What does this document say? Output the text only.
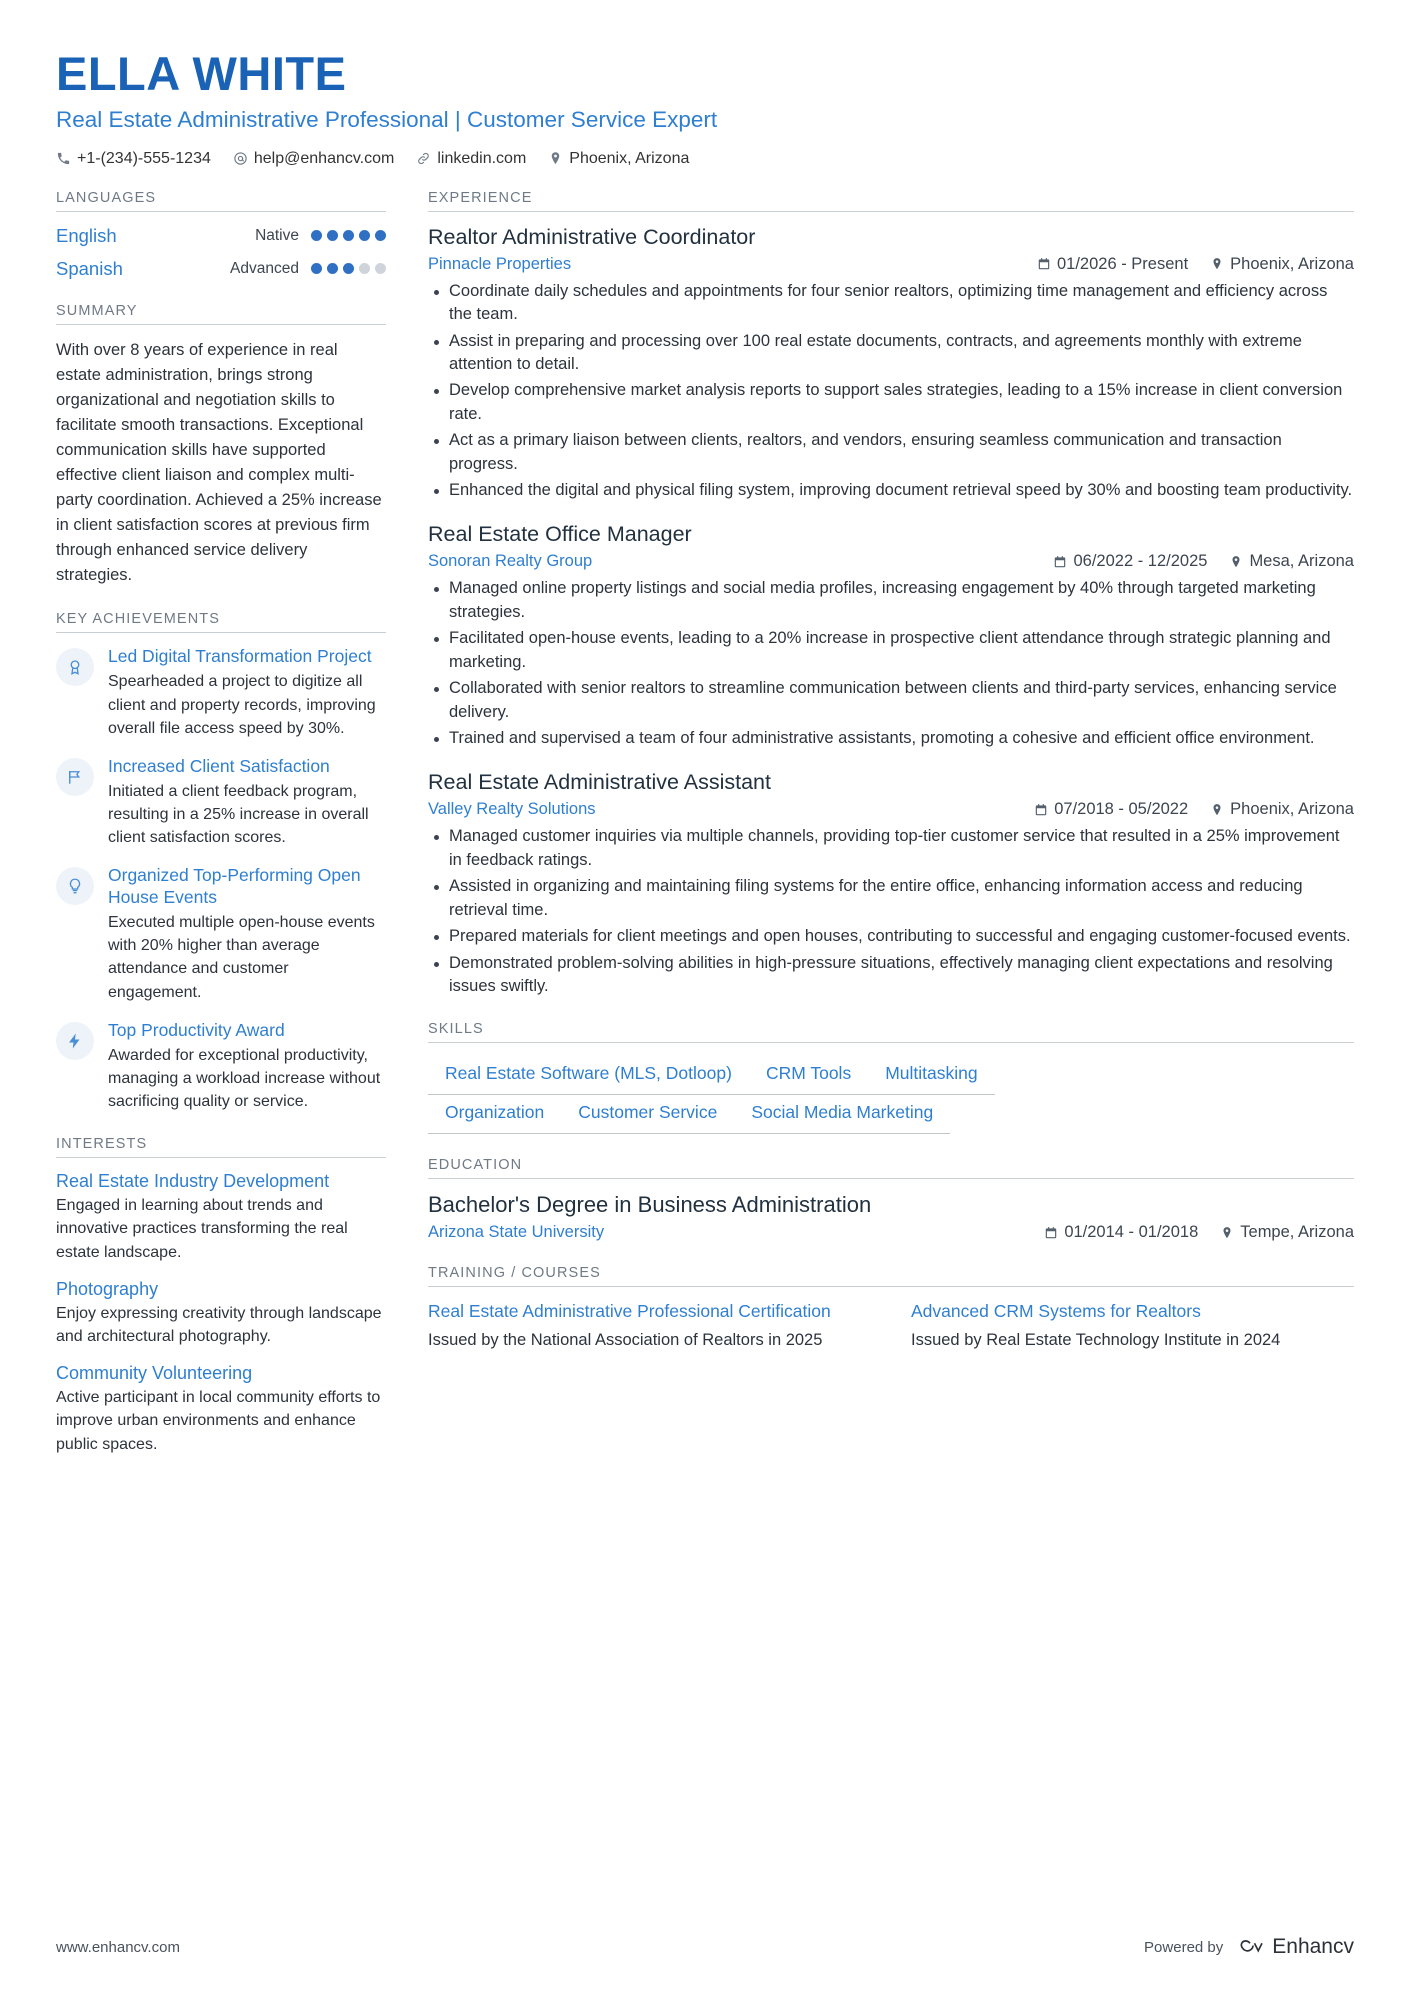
ELLA WHITE
Real Estate Administrative Professional | Customer Service Expert
+1-(234)-555-1234	help@enhancv.com	linkedin.com	Phoenix, Arizona
LANGUAGES
English	Native
Spanish	Advanced
SUMMARY
With over 8 years of experience in real estate administration, brings strong organizational and negotiation skills to facilitate smooth transactions. Exceptional communication skills have supported effective client liaison and complex multi-party coordination. Achieved a 25% increase in client satisfaction scores at previous firm through enhanced service delivery strategies.
KEY ACHIEVEMENTS
Led Digital Transformation Project
Spearheaded a project to digitize all client and property records, improving overall file access speed by 30%.
Increased Client Satisfaction
Initiated a client feedback program, resulting in a 25% increase in overall client satisfaction scores.
Organized Top-Performing Open House Events
Executed multiple open-house events with 20% higher than average attendance and customer engagement.
Top Productivity Award
Awarded for exceptional productivity, managing a workload increase without sacrificing quality or service.
INTERESTS
Real Estate Industry Development
Engaged in learning about trends and innovative practices transforming the real estate landscape.
Photography
Enjoy expressing creativity through landscape and architectural photography.
Community Volunteering
Active participant in local community efforts to improve urban environments and enhance public spaces.
EXPERIENCE
Realtor Administrative Coordinator
Pinnacle Properties	01/2026 - Present	Phoenix, Arizona
Coordinate daily schedules and appointments for four senior realtors, optimizing time management and efficiency across the team.
Assist in preparing and processing over 100 real estate documents, contracts, and agreements monthly with extreme attention to detail.
Develop comprehensive market analysis reports to support sales strategies, leading to a 15% increase in client conversion rate.
Act as a primary liaison between clients, realtors, and vendors, ensuring seamless communication and transaction progress.
Enhanced the digital and physical filing system, improving document retrieval speed by 30% and boosting team productivity.
Real Estate Office Manager
Sonoran Realty Group	06/2022 - 12/2025	Mesa, Arizona
Managed online property listings and social media profiles, increasing engagement by 40% through targeted marketing strategies.
Facilitated open-house events, leading to a 20% increase in prospective client attendance through strategic planning and marketing.
Collaborated with senior realtors to streamline communication between clients and third-party services, enhancing service delivery.
Trained and supervised a team of four administrative assistants, promoting a cohesive and efficient office environment.
Real Estate Administrative Assistant
Valley Realty Solutions	07/2018 - 05/2022	Phoenix, Arizona
Managed customer inquiries via multiple channels, providing top-tier customer service that resulted in a 25% improvement in feedback ratings.
Assisted in organizing and maintaining filing systems for the entire office, enhancing information access and reducing retrieval time.
Prepared materials for client meetings and open houses, contributing to successful and engaging customer-focused events.
Demonstrated problem-solving abilities in high-pressure situations, effectively managing client expectations and resolving issues swiftly.
SKILLS
Real Estate Software (MLS, Dotloop)	CRM Tools	Multitasking
Organization	Customer Service	Social Media Marketing
EDUCATION
Bachelor's Degree in Business Administration
Arizona State University	01/2014 - 01/2018	Tempe, Arizona
TRAINING / COURSES
Real Estate Administrative Professional Certification
Issued by the National Association of Realtors in 2025
Advanced CRM Systems for Realtors
Issued by Real Estate Technology Institute in 2024
www.enhancv.com	Powered by Enhancv
